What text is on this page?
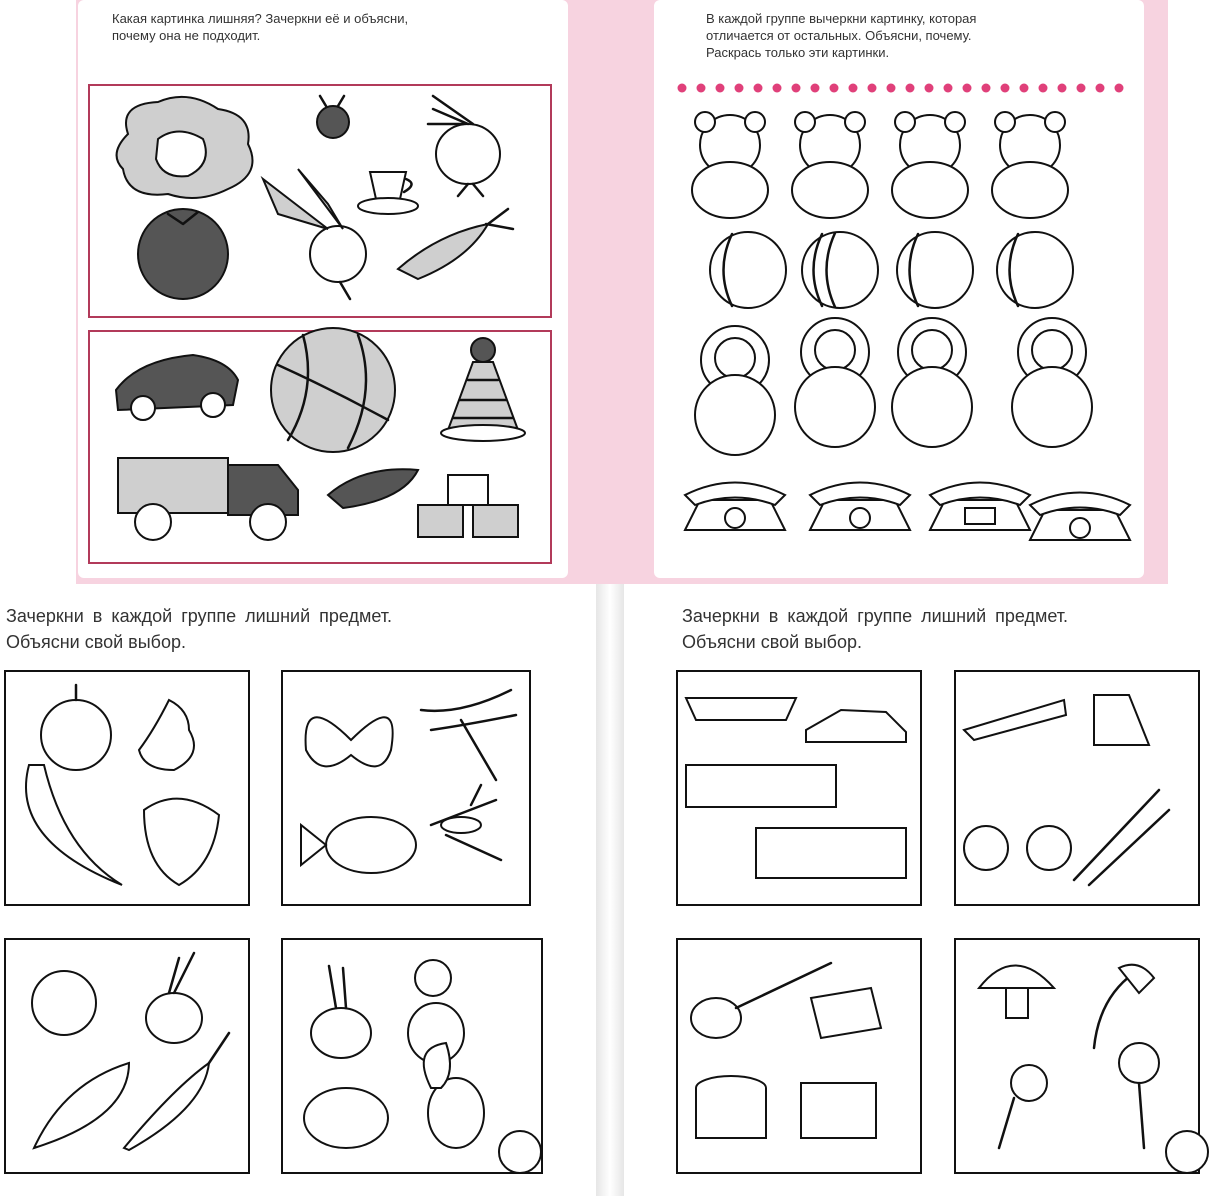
Какая картинка лишняя? Зачеркни её и объясни,
почему она не подходит.
В каждой группе вычеркни картинку, которая
отличается от остальных. Объясни, почему.
Раскрась только эти картинки.
Зачеркни в каждой группе лишний предмет.
Объясни свой выбор.
Зачеркни в каждой группе лишний предмет.
Объясни свой выбор.
